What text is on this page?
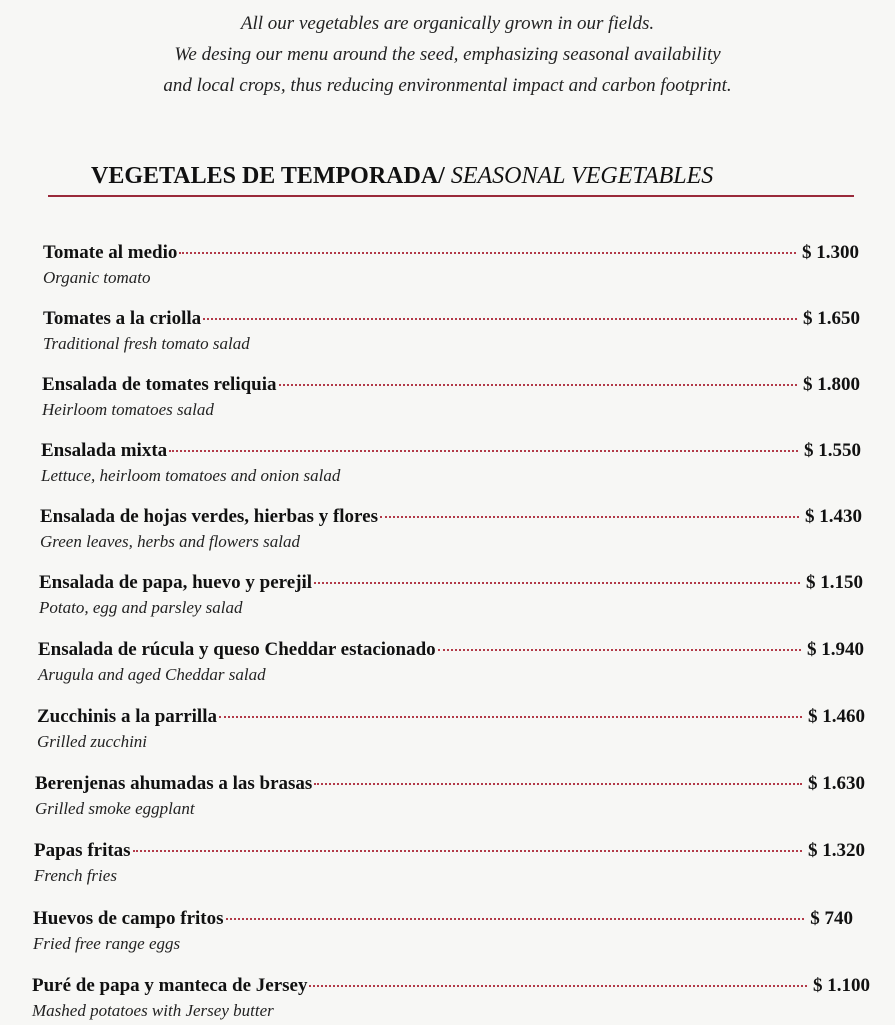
All our vegetables are organically grown in our fields.
We desing our menu around the seed, emphasizing seasonal availability
and local crops, thus reducing environmental impact and carbon footprint.
VEGETALES DE TEMPORADA/ SEASONAL VEGETABLES
Tomate al medio	$ 1.300
Organic tomato
Tomates a la criolla	$ 1.650
Traditional fresh tomato salad
Ensalada de tomates reliquia	$ 1.800
Heirloom tomatoes salad
Ensalada mixta	$ 1.550
Lettuce, heirloom tomatoes and onion salad
Ensalada de hojas verdes, hierbas y flores	$ 1.430
Green leaves, herbs and flowers salad
Ensalada de papa, huevo y perejil	$ 1.150
Potato, egg and parsley salad
Ensalada de rúcula y queso Cheddar estacionado	$ 1.940
Arugula and aged Cheddar salad
Zucchinis a la parrilla	$ 1.460
Grilled zucchini
Berenjenas ahumadas a las brasas	$ 1.630
Grilled smoke eggplant
Papas fritas	$ 1.320
French fries
Huevos de campo fritos	$ 740
Fried free range eggs
Puré de papa y manteca de Jersey	$ 1.100
Mashed potatoes with Jersey butter
